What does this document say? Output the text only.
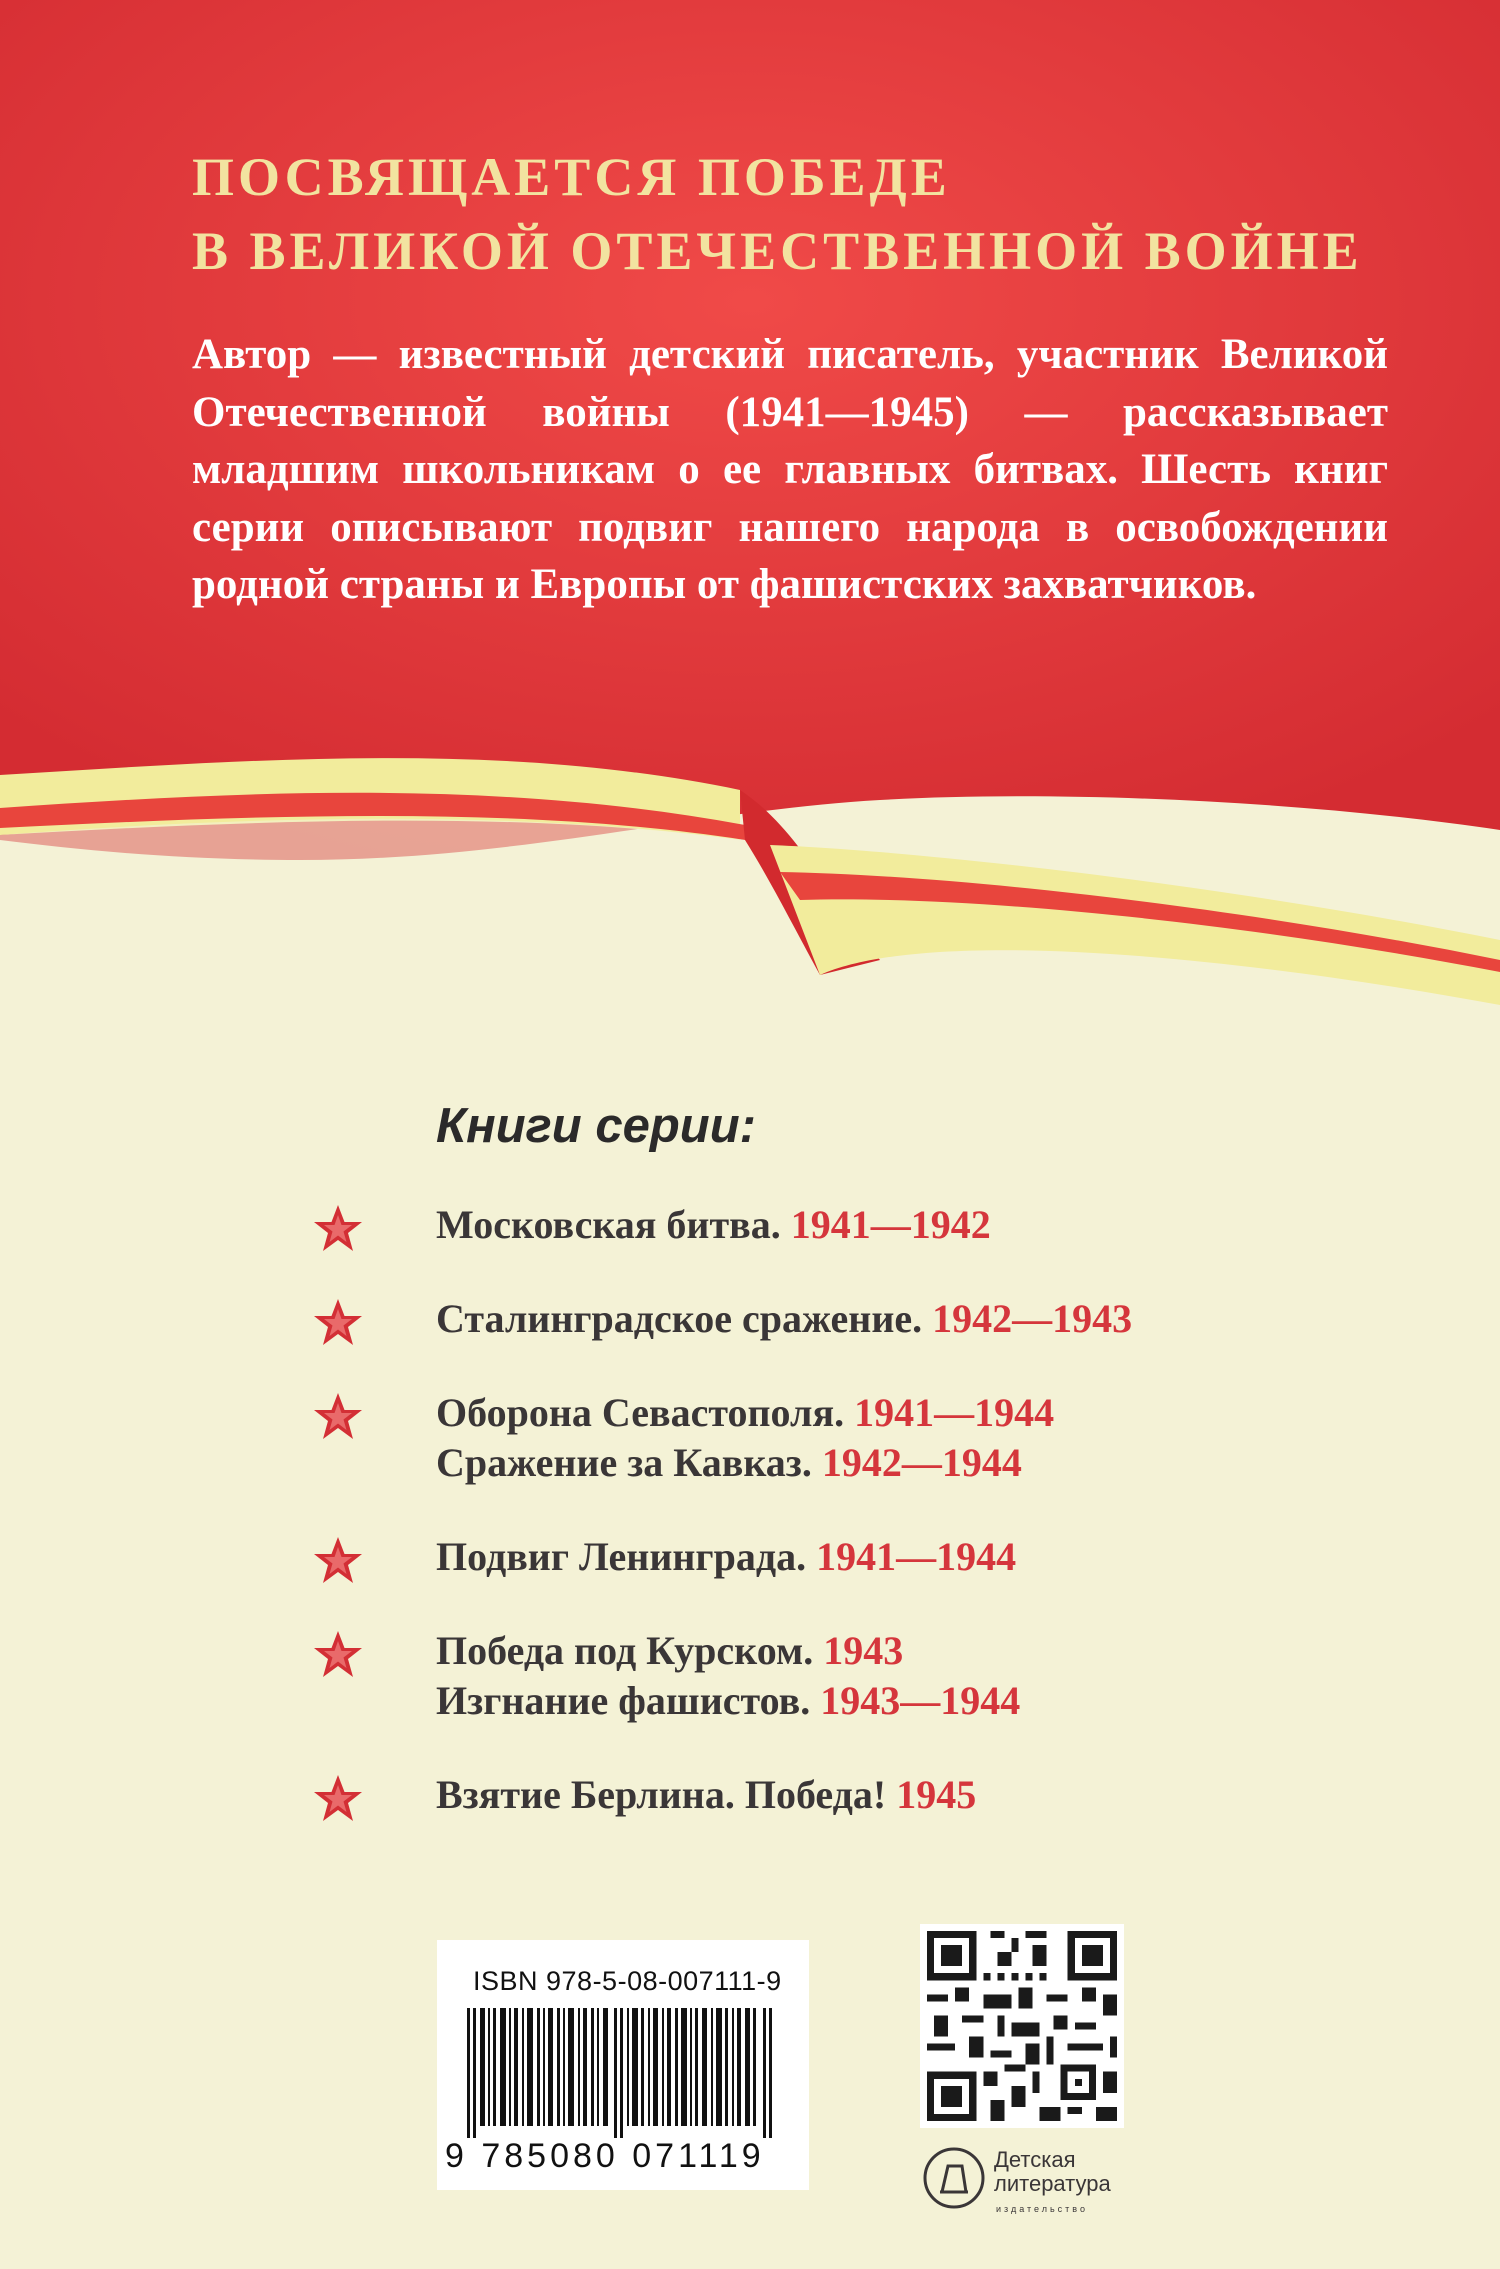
ПОСВЯЩАЕТСЯ ПОБЕДЕ
В ВЕЛИКОЙ ОТЕЧЕСТВЕННОЙ ВОЙНЕ

Автор — известный детский писатель, участник Великой Отечественной войны (1941—1945) — рассказывает младшим школьникам о ее главных битвах. Шесть книг серии описывают подвиг нашего народа в освобождении родной страны и Европы от фашистских захватчиков.

Книги серии:
Московская битва. 1941—1942
Сталинградское сражение. 1942—1943
Оборона Севастополя. 1941—1944
Сражение за Кавказ. 1942—1944
Подвиг Ленинграда. 1941—1944
Победа под Курском. 1943
Изгнание фашистов. 1943—1944
Взятие Берлина. Победа! 1945
ISBN 978-5-08-007111-9
9 785080 071119	Детская
литература
издательство
